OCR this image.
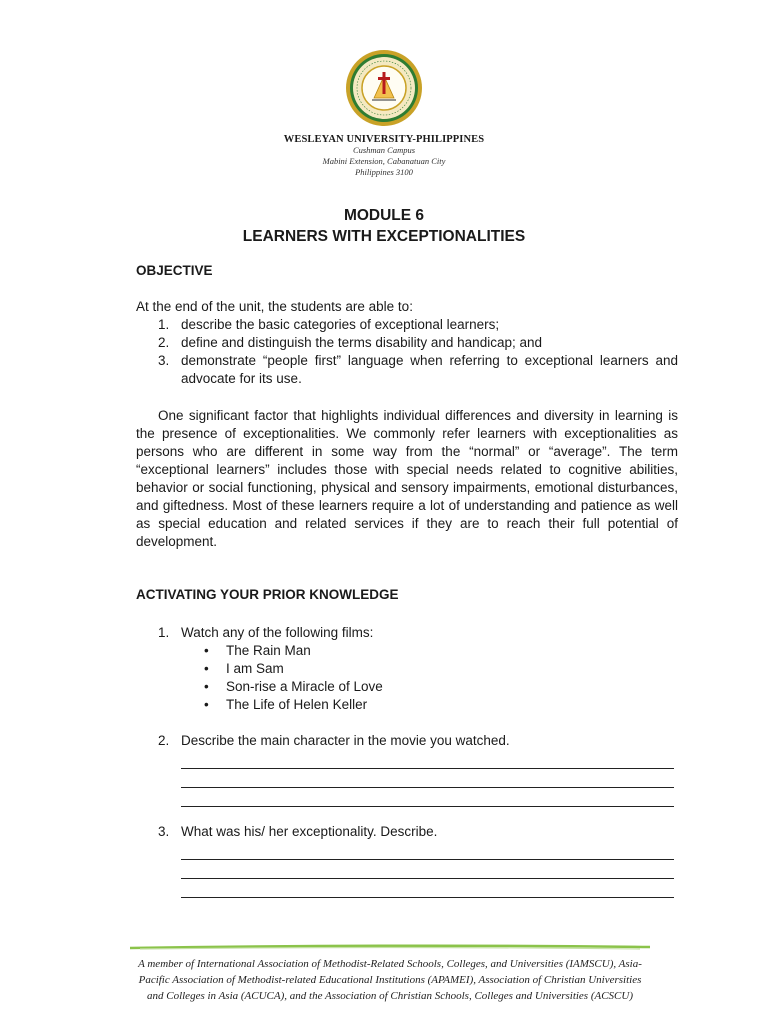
WESLEYAN UNIVERSITY-PHILIPPINES
Cushman Campus
Mabini Extension, Cabanatuan City
Philippines 3100
MODULE 6
LEARNERS WITH EXCEPTIONALITIES
OBJECTIVE

At the end of the unit, the students are able to:

1. describe the basic categories of exceptional learners;
2. define and distinguish the terms disability and handicap; and
3. demonstrate “people first” language when referring to exceptional learners and advocate for its use.

One significant factor that highlights individual differences and diversity in learning is the presence of exceptionalities. We commonly refer learners with exceptionalities as persons who are different in some way from the “normal” or “average”. The term “exceptional learners” includes those with special needs related to cognitive abilities, behavior or social functioning, physical and sensory impairments, emotional disturbances, and giftedness. Most of these learners require a lot of understanding and patience as well as special education and related services if they are to reach their full potential of development.

ACTIVATING YOUR PRIOR KNOWLEDGE
1. Watch any of the following films:
• The Rain Man
• I am Sam
• Son-rise a Miracle of Love
• The Life of Helen Keller
2. Describe the main character in the movie you watched.
3. What was his/ her exceptionality. Describe.
A member of International Association of Methodist-Related Schools, Colleges, and Universities (IAMSCU), Asia-Pacific Association of Methodist-related Educational Institutions (APAMEI), Association of Christian Universities and Colleges in Asia (ACUCA), and the Association of Christian Schools, Colleges and Universities (ACSCU)
